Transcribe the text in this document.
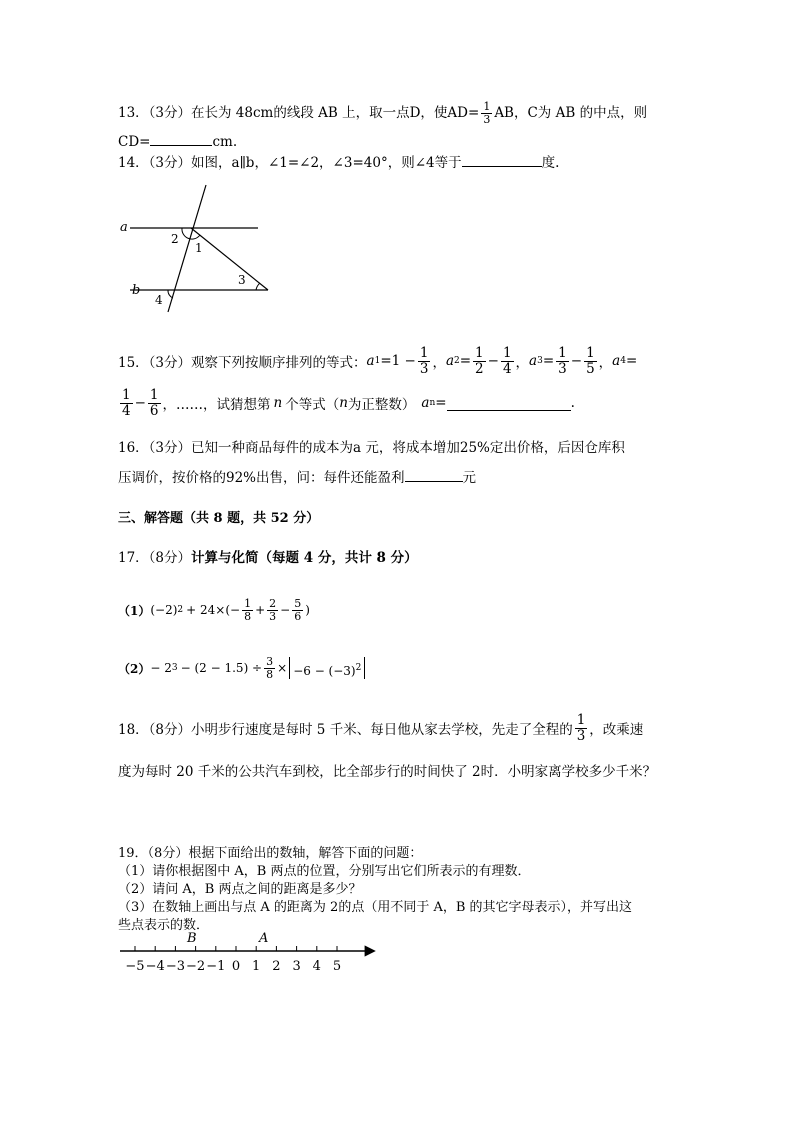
13．（3分）在长为 48cm的线段 AB 上，取一点D，使$AD= \frac{1}{3}$ AB，C为 AB 的中点，则
CD=	cm.
14．（3分）如图，a∥b，∠1=∠2，∠3=40°，则∠4等于	度.
a
b
1
2
3
4
15．（3分）观察下列按顺序排列的等式： a $1 =1 - \frac{1}{3}$ ， a $2 = \frac{1}{2} - \frac{1}{4}$ ， a $3 = \frac{1}{3} - \frac{1}{5}$ ， a 4 =
$\frac{1}{4} - \frac{1}{6}$ ，……，试猜想第 n 个等式（ n 为正整数） a n =	.
16．（3分）已知一种商品每件的成本为a 元，将成本增加25%定出价格，后因仓库积
压调价，按价格的92%出售，问：每件还能盈利	元
三、解答题（共 8 题，共 52 分）
17．（8分）计算与化简（每题 4 分，共计 8 分）
（1） (−2) $2 + 24\times(- \frac{1}{8} + \frac{2}{3} - \frac{5}{6}$ )
（2） − 2 $3 - (2 - 1.5) \div \frac{3}{8} \times -6 - (-3)^2$
18．（8分）小明步行速度是每时 5 千米、每日他从家去学校，先走了全程的 $\frac{1}{3}$ ，改乘速
度为每时 20 千米的公共汽车到校，比全部步行的时间快了 2时．小明家离学校多少千米？
19．（8分）根据下面给出的数轴，解答下面的问题：
（1）请你根据图中 A，B 两点的位置，分别写出它们所表示的有理数．
（2）请问 A，B 两点之间的距离是多少？
（3）在数轴上画出与点 A 的距离为 2的点（用不同于 A，B 的其它字母表示），并写出这
些点表示的数．
−5 −4 −3 −2 −1 0 1 2 3 4 5
B	A
